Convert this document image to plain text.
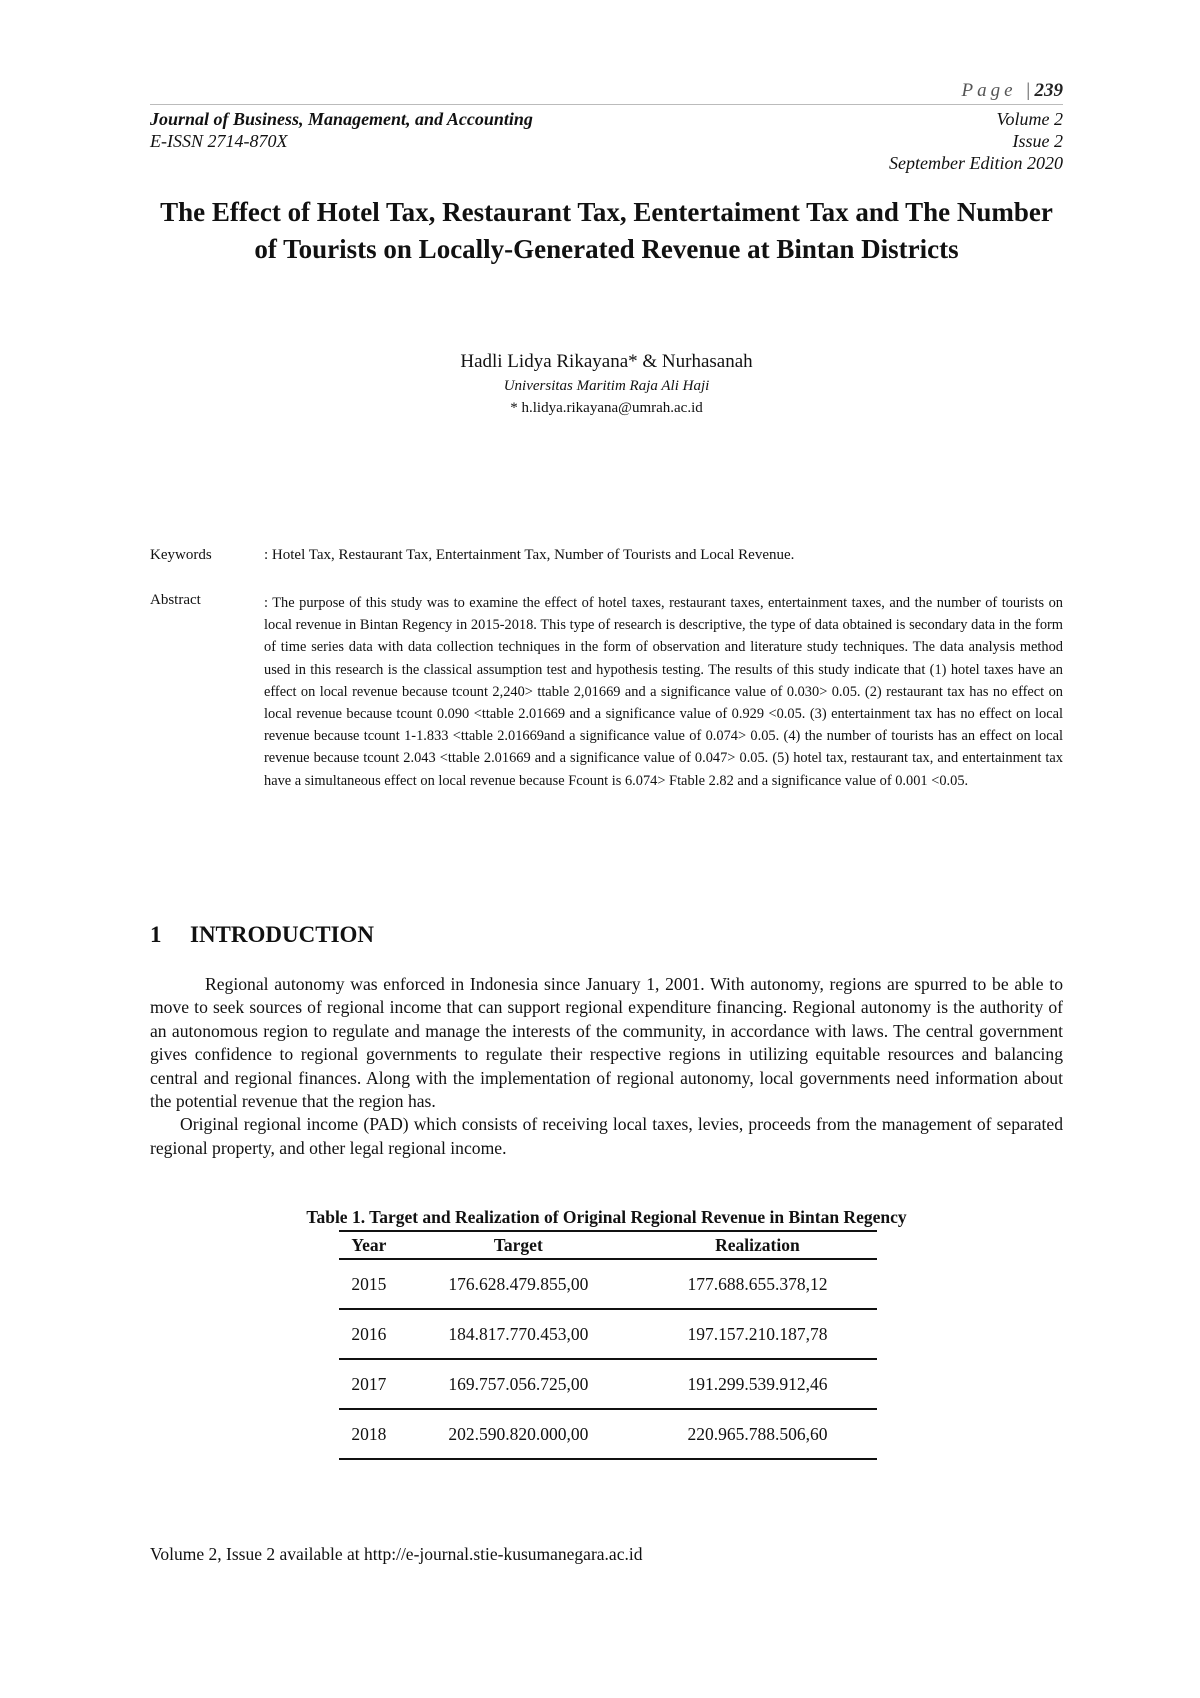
Page |239
Journal of Business, Management, and Accounting
E-ISSN 2714-870X
Volume 2
Issue 2
September Edition 2020
The Effect of Hotel Tax, Restaurant Tax, Eentertaiment Tax and The Number of Tourists on Locally-Generated Revenue at Bintan Districts
Hadli Lidya Rikayana* & Nurhasanah
Universitas Maritim Raja Ali Haji
* h.lidya.rikayana@umrah.ac.id
Keywords	: Hotel Tax, Restaurant Tax, Entertainment Tax, Number of Tourists and Local Revenue.
Abstract	: The purpose of this study was to examine the effect of hotel taxes, restaurant taxes, entertainment taxes, and the number of tourists on local revenue in Bintan Regency in 2015-2018. This type of research is descriptive, the type of data obtained is secondary data in the form of time series data with data collection techniques in the form of observation and literature study techniques. The data analysis method used in this research is the classical assumption test and hypothesis testing. The results of this study indicate that (1) hotel taxes have an effect on local revenue because tcount 2,240> ttable 2,01669 and a significance value of 0.030> 0.05. (2) restaurant tax has no effect on local revenue because tcount 0.090 <ttable 2.01669 and a significance value of 0.929 <0.05. (3) entertainment tax has no effect on local revenue because tcount 1-1.833 <ttable 2.01669and a significance value of 0.074> 0.05. (4) the number of tourists has an effect on local revenue because tcount 2.043 <ttable 2.01669 and a significance value of 0.047> 0.05. (5) hotel tax, restaurant tax, and entertainment tax have a simultaneous effect on local revenue because Fcount is 6.074> Ftable 2.82 and a significance value of 0.001 <0.05.
1 INTRODUCTION

Regional autonomy was enforced in Indonesia since January 1, 2001. With autonomy, regions are spurred to be able to move to seek sources of regional income that can support regional expenditure financing. Regional autonomy is the authority of an autonomous region to regulate and manage the interests of the community, in accordance with laws. The central government gives confidence to regional governments to regulate their respective regions in utilizing equitable resources and balancing central and regional finances. Along with the implementation of regional autonomy, local governments need information about the potential revenue that the region has.

Original regional income (PAD) which consists of receiving local taxes, levies, proceeds from the management of separated regional property, and other legal regional income.

Table 1. Target and Realization of Original Regional Revenue in Bintan Regency
Year	Target	Realization
2015	176.628.479.855,00	177.688.655.378,12
2016	184.817.770.453,00	197.157.210.187,78
2017	169.757.056.725,00	191.299.539.912,46
2018	202.590.820.000,00	220.965.788.506,60
Volume 2, Issue 2 available at http://e-journal.stie-kusumanegara.ac.id
